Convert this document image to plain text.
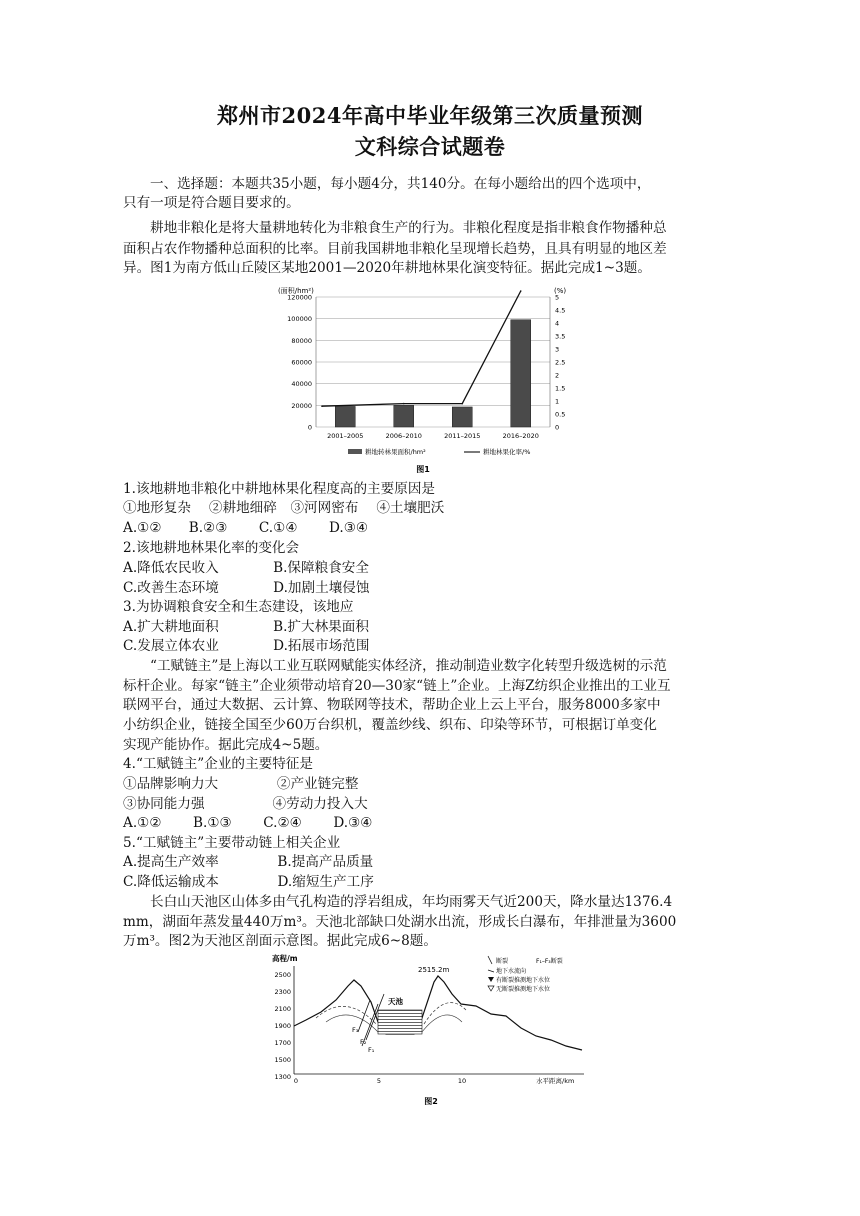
郑州市2024年高中毕业年级第三次质量预测
文科综合试题卷
一、选择题：本题共35小题，每小题4分，共140分。在每小题给出的四个选项中，
只有一项是符合题目要求的。
耕地非粮化是将大量耕地转化为非粮食生产的行为。非粮化程度是指非粮食作物播种总
面积占农作物播种总面积的比率。目前我国耕地非粮化呈现增长趋势，且具有明显的地区差
异。图1为南方低山丘陵区某地2001—2020年耕地林果化演变特征。据此完成1~3题。
(面积/hm²)	(%)
120000
100000
80000
60000
40000
20000
0
5
4.5
4
3.5
3
2.5
2
1.5
1
0.5
0
2001–2005	2006–2010	2011–2015	2016–2020
耕地转林果面积/hm²	耕地林果化率/%
图1
1.该地耕地非粮化中耕地林果化程度高的主要原因是
①地形复杂　 ②耕地细碎　③河网密布　 ④土壤肥沃
A.①②　　B.②③　　 C.①④　　 D.③④
2.该地耕地林果化率的变化会
A.降低农民收入　　　　B.保障粮食安全
C.改善生态环境　　　　D.加剧土壤侵蚀
3.为协调粮食安全和生态建设，该地应
A.扩大耕地面积　　　　B.扩大林果面积
C.发展立体农业　　　　D.拓展市场范围
“工赋链主”是上海以工业互联网赋能实体经济，推动制造业数字化转型升级选树的示范
标杆企业。每家“链主”企业须带动培育20—30家“链上”企业。上海Z纺织企业推出的工业互
联网平台，通过大数据、云计算、物联网等技术，帮助企业上云上平台，服务8000多家中
小纺织企业，链接全国至少60万台织机，覆盖纱线、织布、印染等环节，可根据订单变化
实现产能协作。据此完成4~5题。
4.“工赋链主”企业的主要特征是
①品牌影响力大　　　　 ②产业链完整
③协同能力强　　　　　④劳动力投入大
A.①②　　 B.①③　　 C.②④　　 D.③④
5.“工赋链主”主要带动链上相关企业
A.提高生产效率　　　　 B.提高产品质量
C.降低运输成本　　　　 D.缩短生产工序
长白山天池区山体多由气孔构造的浮岩组成，年均雨雾天气近200天，降水量达1376.4
mm，湖面年蒸发量440万m³。天池北部缺口处湖水出流，形成长白瀑布，年排泄量为3600
万m³。图2为天池区剖面示意图。据此完成6~8题。
高程/m
2500
2300
2100
1900
1700
1500
1300 0	5	10	水平距离/km
天池
2515.2m
F₃
F₂
F₁
断裂	F₁–F₃断裂
地下水流向
有断裂推测地下水位
无断裂推测地下水位
图2
